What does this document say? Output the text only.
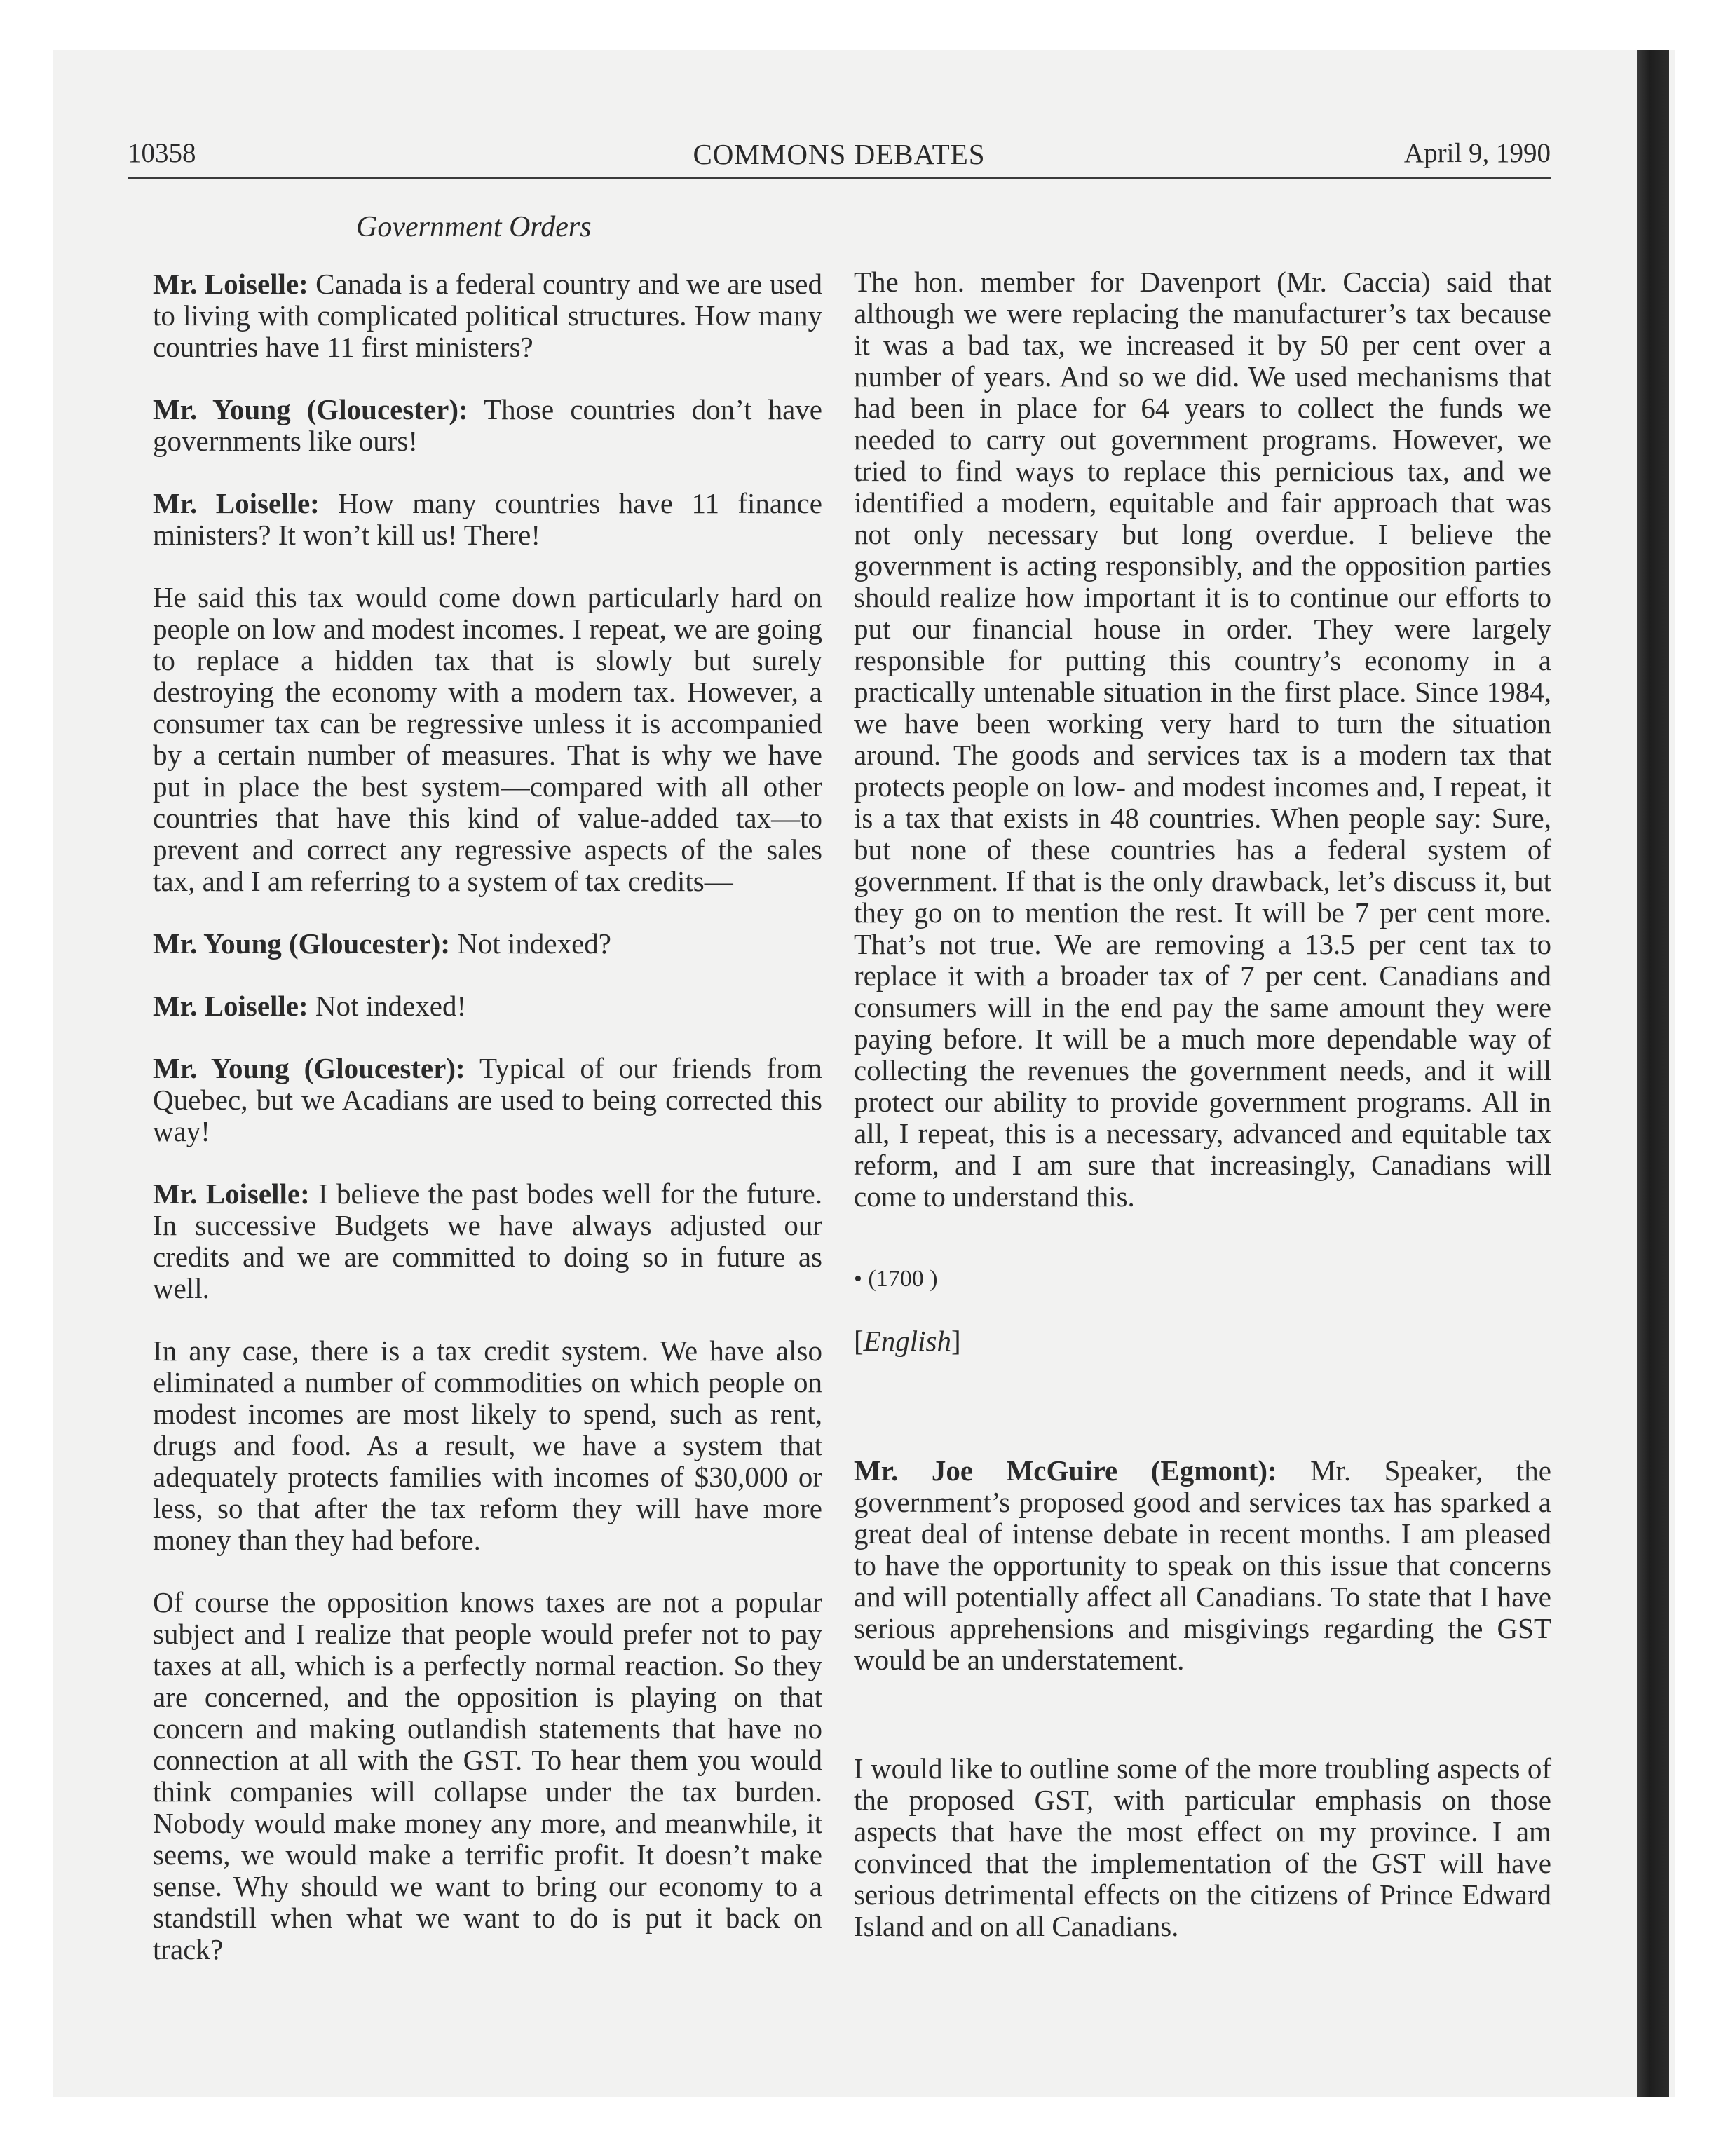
10358	COMMONS DEBATES	April 9, 1990
Government Orders

Mr. Loiselle: Canada is a federal country and we are used to living with complicated political structures. How many countries have 11 first ministers?

Mr. Young (Gloucester): Those countries don’t have governments like ours!

Mr. Loiselle: How many countries have 11 finance ministers? It won’t kill us! There!

He said this tax would come down particularly hard on people on low and modest incomes. I repeat, we are going to replace a hidden tax that is slowly but surely destroying the economy with a modern tax. However, a consumer tax can be regressive unless it is accompanied by a certain number of measures. That is why we have put in place the best system—compared with all other countries that have this kind of value-added tax—to prevent and correct any regressive aspects of the sales tax, and I am referring to a system of tax credits—

Mr. Young (Gloucester): Not indexed?

Mr. Loiselle: Not indexed!

Mr. Young (Gloucester): Typical of our friends from Quebec, but we Acadians are used to being corrected this way!

Mr. Loiselle: I believe the past bodes well for the future. In successive Budgets we have always adjusted our credits and we are committed to doing so in future as well.

In any case, there is a tax credit system. We have also eliminated a number of commodities on which people on modest incomes are most likely to spend, such as rent, drugs and food. As a result, we have a system that adequately protects families with incomes of $30,000 or less, so that after the tax reform they will have more money than they had before.

Of course the opposition knows taxes are not a popular subject and I realize that people would prefer not to pay taxes at all, which is a perfectly normal reaction. So they are concerned, and the opposition is playing on that concern and making outlandish statements that have no connection at all with the GST. To hear them you would think companies will collapse under the tax burden. Nobody would make money any more, and meanwhile, it seems, we would make a terrific profit. It doesn’t make sense. Why should we want to bring our economy to a standstill when what we want to do is put it back on track?

The hon. member for Davenport (Mr. Caccia) said that although we were replacing the manufacturer’s tax because it was a bad tax, we increased it by 50 per cent over a number of years. And so we did. We used mechanisms that had been in place for 64 years to collect the funds we needed to carry out government programs. However, we tried to find ways to replace this pernicious tax, and we identified a modern, equitable and fair approach that was not only necessary but long overdue. I believe the government is acting responsibly, and the opposition parties should realize how important it is to continue our efforts to put our financial house in order. They were largely responsible for putting this country’s economy in a practically untenable situation in the first place. Since 1984, we have been working very hard to turn the situation around. The goods and services tax is a modern tax that protects people on low- and modest incomes and, I repeat, it is a tax that exists in 48 countries. When people say: Sure, but none of these countries has a federal system of government. If that is the only drawback, let’s discuss it, but they go on to mention the rest. It will be 7 per cent more. That’s not true. We are removing a 13.5 per cent tax to replace it with a broader tax of 7 per cent. Canadians and consumers will in the end pay the same amount they were paying before. It will be a much more dependable way of collecting the revenues the government needs, and it will protect our ability to provide government programs. All in all, I repeat, this is a necessary, advanced and equitable tax reform, and I am sure that increasingly, Canadians will come to understand this.

• (1700 )
[English]

Mr. Joe McGuire (Egmont): Mr. Speaker, the government’s proposed good and services tax has sparked a great deal of intense debate in recent months. I am pleased to have the opportunity to speak on this issue that concerns and will potentially affect all Canadians. To state that I have serious apprehensions and misgivings regarding the GST would be an understatement.

I would like to outline some of the more troubling aspects of the proposed GST, with particular emphasis on those aspects that have the most effect on my province. I am convinced that the implementation of the GST will have serious detrimental effects on the citizens of Prince Edward Island and on all Canadians.
